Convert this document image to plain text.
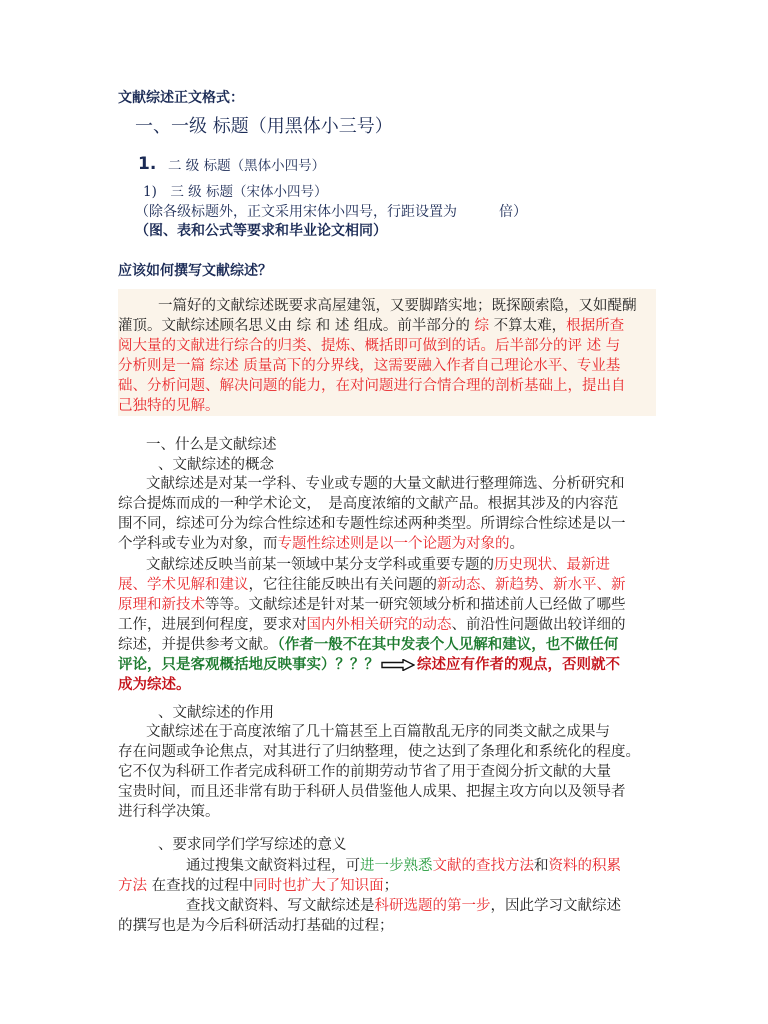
文献综述正文格式：
一、一级 标题（用黑体小三号）
1. 二 级 标题（黑体小四号）
1)　三 级 标题（宋体小四号）
（除各级标题外，正文采用宋体小四号，行距设置为　　　倍）
（图、表和公式等要求和毕业论文相同）
应该如何撰写文献综述？
一篇好的文献综述既要求高屋建瓴，又要脚踏实地；既探颐索隐，又如醍醐
灌顶。文献综述顾名思义由 综 和 述 组成。前半部分的 综 不算太难，根据所查
阅大量的文献进行综合的归类、提炼、概括即可做到的话。后半部分的评 述 与
分析则是一篇 综述 质量高下的分界线，这需要融入作者自己理论水平、专业基
础、分析问题、解决问题的能力，在对问题进行合情合理的剖析基础上，提出自
己独特的见解。
一、什么是文献综述
、文献综述的概念
文献综述是对某一学科、专业或专题的大量文献进行整理筛选、分析研究和
综合提炼而成的一种学术论文，　是高度浓缩的文献产品。根据其涉及的内容范
围不同，综述可分为综合性综述和专题性综述两种类型。所谓综合性综述是以一
个学科或专业为对象，而专题性综述则是以一个论题为对象的。
文献综述反映当前某一领域中某分支学科或重要专题的历史现状、最新进
展、学术见解和建议，它往往能反映出有关问题的新动态、新趋势、新水平、新
原理和新技术等等。文献综述是针对某一研究领域分析和描述前人已经做了哪些
工作，进展到何程度，要求对国内外相关研究的动态、前沿性问题做出较详细的
综述，并提供参考文献。（作者一般不在其中发表个人见解和建议，也不做任何
评论，只是客观概括地反映事实）？？？	综述应有作者的观点，否则就不
成为综述。
、文献综述的作用
文献综述在于高度浓缩了几十篇甚至上百篇散乱无序的同类文献之成果与
存在问题或争论焦点，对其进行了归纳整理，使之达到了条理化和系统化的程度。
它不仅为科研工作者完成科研工作的前期劳动节省了用于查阅分折文献的大量
宝贵时间，而且还非常有助于科研人员借鉴他人成果、把握主攻方向以及领导者
进行科学决策。
、要求同学们学写综述的意义
通过搜集文献资料过程，可进一步熟悉文献的查找方法和资料的积累
方法 在查找的过程中同时也扩大了知识面；
查找文献资料、写文献综述是科研选题的第一步，因此学习文献综述
的撰写也是为今后科研活动打基础的过程；
